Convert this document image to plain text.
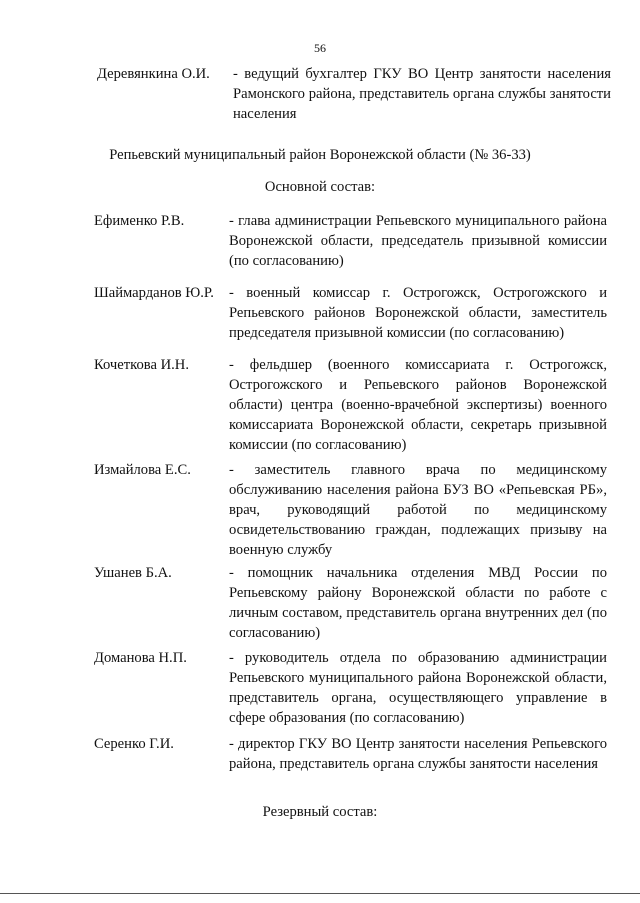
56
Деревянкина О.И. - ведущий бухгалтер ГКУ ВО Центр занятости населения Рамонского района, представитель органа службы занятости населения
Репьевский муниципальный район Воронежской области (№ 36-33)
Основной состав:
Ефименко Р.В.	- глава администрации Репьевского муниципального района Воронежской области, председатель призывной комиссии (по согласованию)
Шаймарданов Ю.Р. - военный комиссар г. Острогожск, Острогожского и Репьевского районов Воронежской области, заместитель председателя призывной комиссии (по согласованию)
Кочеткова И.Н.	- фельдшер (военного комиссариата г. Острогожск, Острогожского и Репьевского районов Воронежской области) центра (военно-врачебной экспертизы) военного комиссариата Воронежской области, секретарь призывной комиссии (по согласованию)
Измайлова Е.С.	- заместитель главного врача по медицинскому обслуживанию населения района БУЗ ВО «Репьевская РБ», врач, руководящий работой по медицинскому освидетельствованию граждан, подлежащих призыву на военную службу
Ушанев Б.А.	- помощник начальника отделения МВД России по Репьевскому району Воронежской области по работе с личным составом, представитель органа внутренних дел (по согласованию)
Доманова Н.П.	- руководитель отдела по образованию администрации Репьевского муниципального района Воронежской области, представитель органа, осуществляющего управление в сфере образования (по согласованию)
Серенко Г.И.	- директор ГКУ ВО Центр занятости населения Репьевского района, представитель органа службы занятости населения
Резервный состав:
